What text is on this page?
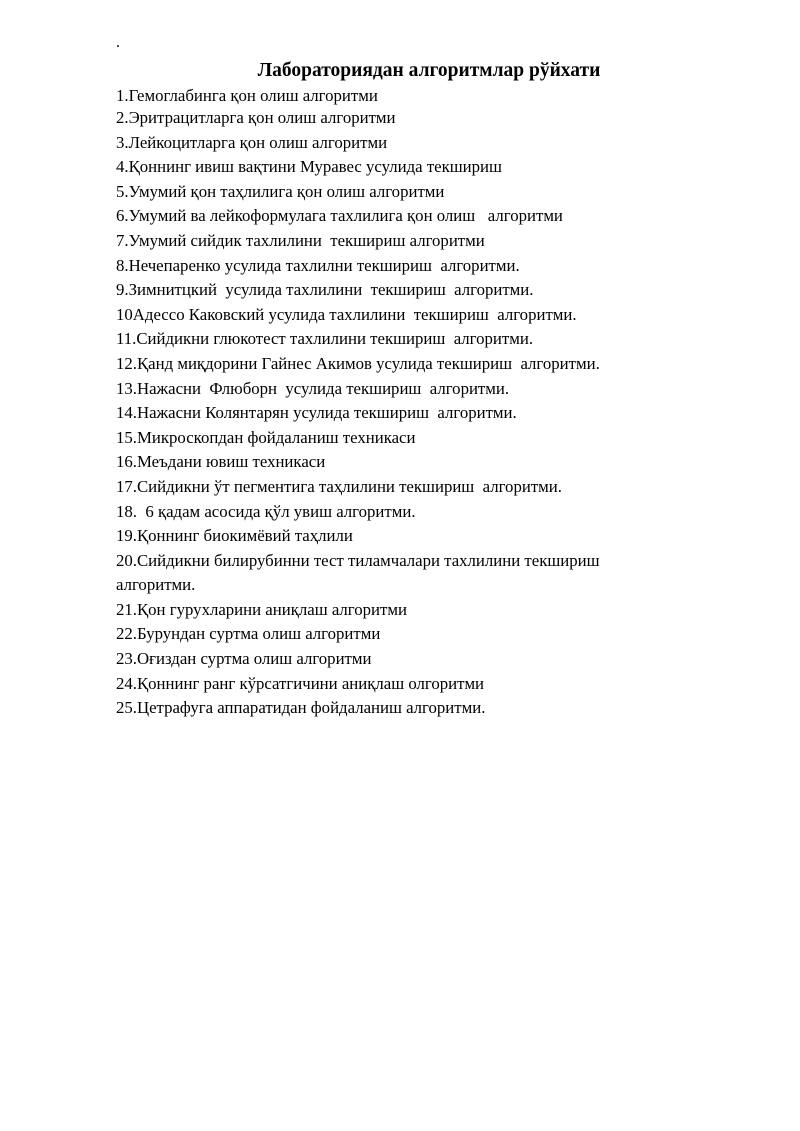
.
Лабораториядан алгоритмлар рўйхати
1.Гемоглабинга қон олиш алгоритми
2.Эритрацитларга қон олиш алгоритми
3.Лейкоцитларга қон олиш алгоритми
4.Қоннинг ивиш вақтини Муравес усулида текшириш
5.Умумий қон таҳлилига қон олиш алгоритми
6.Умумий ва лейкоформулага тахлилига қон олиш   алгоритми
7.Умумий сийдик тахлилини  текшириш алгоритми
8.Нечепаренко усулида тахлилни текшириш  алгоритми.
9.Зимнитцкий  усулида тахлилини  текшириш  алгоритми.
10Адессо Каковский усулида тахлилини  текшириш  алгоритми.
11.Сийдикни глюкотест тахлилини текшириш  алгоритми.
12.Қанд миқдорини Гайнес Акимов усулида текшириш  алгоритми.
13.Нажасни  Флюборн  усулида текшириш  алгоритми.
14.Нажасни Колянтарян усулида текшириш  алгоритми.
15.Микроскопдан фойдаланиш техникаси
16.Меъдани ювиш техникаси
17.Сийдикни ўт пегментига таҳлилини текшириш  алгоритми.
18.  6 қадам асосида қўл увиш алгоритми.
19.Қоннинг биокимёвий таҳлили
20.Сийдикни билирубинни тест тиламчалари тахлилини текшириш алгоритми.
21.Қон гурухларини аниқлаш алгоритми
22.Бурундан суртма олиш алгоритми
23.Оғиздан суртма олиш алгоритми
24.Қоннинг ранг кўрсатгичини аниқлаш олгоритми
25.Цетрафуга аппаратидан фойдаланиш алгоритми.
